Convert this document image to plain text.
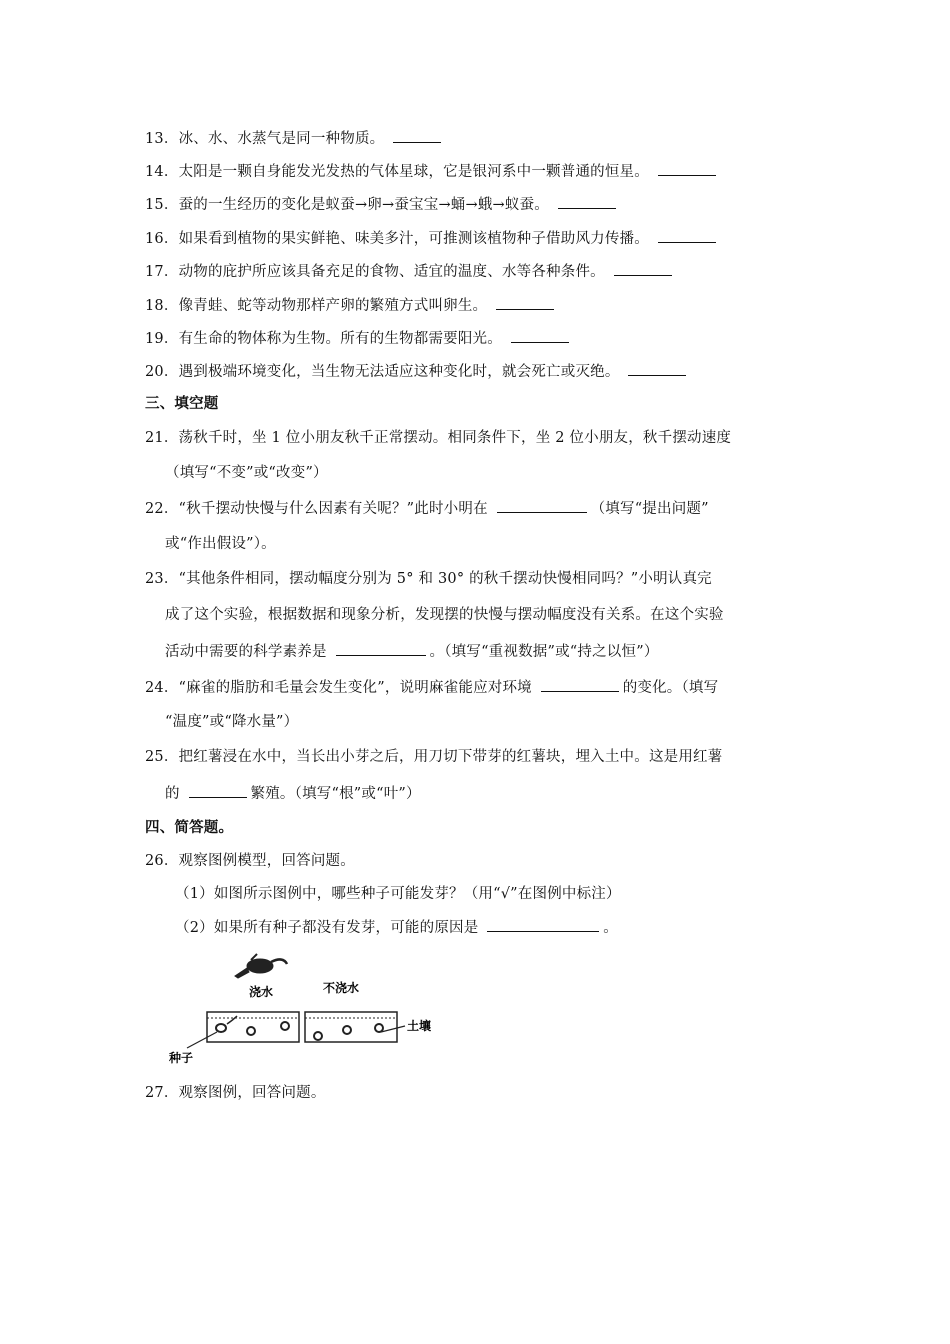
13．冰、水、水蒸气是同一种物质。
14．太阳是一颗自身能发光发热的气体星球，它是银河系中一颗普通的恒星。
15．蚕的一生经历的变化是蚁蚕→卵→蚕宝宝→蛹→蛾→蚁蚕。
16．如果看到植物的果实鲜艳、味美多汁，可推测该植物种子借助风力传播。
17．动物的庇护所应该具备充足的食物、适宜的温度、水等各种条件。
18．像青蛙、蛇等动物那样产卵的繁殖方式叫卵生。
19．有生命的物体称为生物。所有的生物都需要阳光。
20．遇到极端环境变化，当生物无法适应这种变化时，就会死亡或灭绝。
三、填空题
21．荡秋千时，坐 1 位小朋友秋千正常摆动。相同条件下，坐 2 位小朋友，秋千摆动速度
（填写“不变”或“改变”）
22．“秋千摆动快慢与什么因素有关呢？”此时小明在	（填写“提出问题”
或“作出假设”）。
23．“其他条件相同，摆动幅度分别为 5° 和 30° 的秋千摆动快慢相同吗？”小明认真完
成了这个实验，根据数据和现象分析，发现摆的快慢与摆动幅度没有关系。在这个实验
活动中需要的科学素养是	。（填写“重视数据”或“持之以恒”）
24．“麻雀的脂肪和毛量会发生变化”，说明麻雀能应对环境	的变化。（填写
“温度”或“降水量”）
25．把红薯浸在水中，当长出小芽之后，用刀切下带芽的红薯块，埋入土中。这是用红薯
的	繁殖。（填写“根”或“叶”）
四、简答题。
26．观察图例模型，回答问题。
（1）如图所示图例中，哪些种子可能发芽？（用“√”在图例中标注）
（2）如果所有种子都没有发芽，可能的原因是	。
浇水	不浇水
土壤
种子
27．观察图例，回答问题。
